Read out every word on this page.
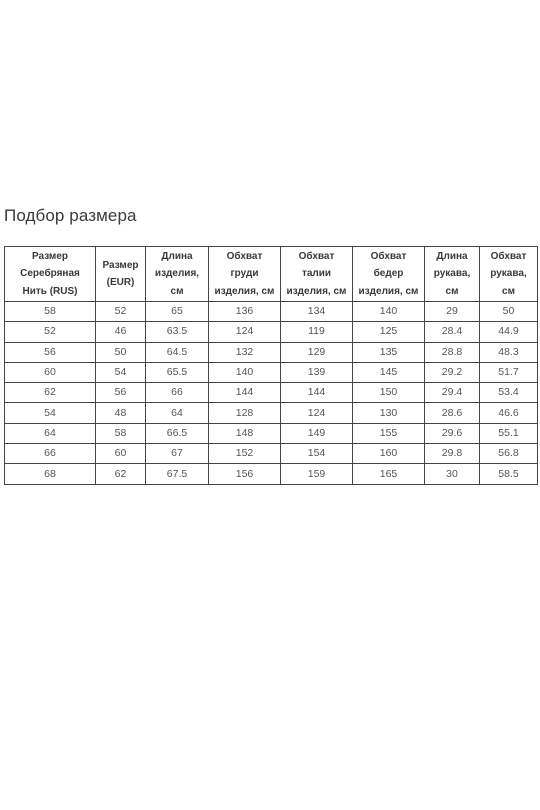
Подбор размера
Размер
Серебряная
Нить (RUS)	Размер
(EUR)	Длина
изделия,
см	Обхват
груди
изделия, см	Обхват
талии
изделия, см	Обхват
бедер
изделия, см	Длина
рукава,
см	Обхват
рукава,
см

58	52	65	136	134	140	29	50
52	46	63.5	124	119	125	28.4	44.9
56	50	64.5	132	129	135	28.8	48.3
60	54	65.5	140	139	145	29.2	51.7
62	56	66	144	144	150	29.4	53.4
54	48	64	128	124	130	28.6	46.6
64	58	66.5	148	149	155	29.6	55.1
66	60	67	152	154	160	29.8	56.8
68	62	67.5	156	159	165	30	58.5
